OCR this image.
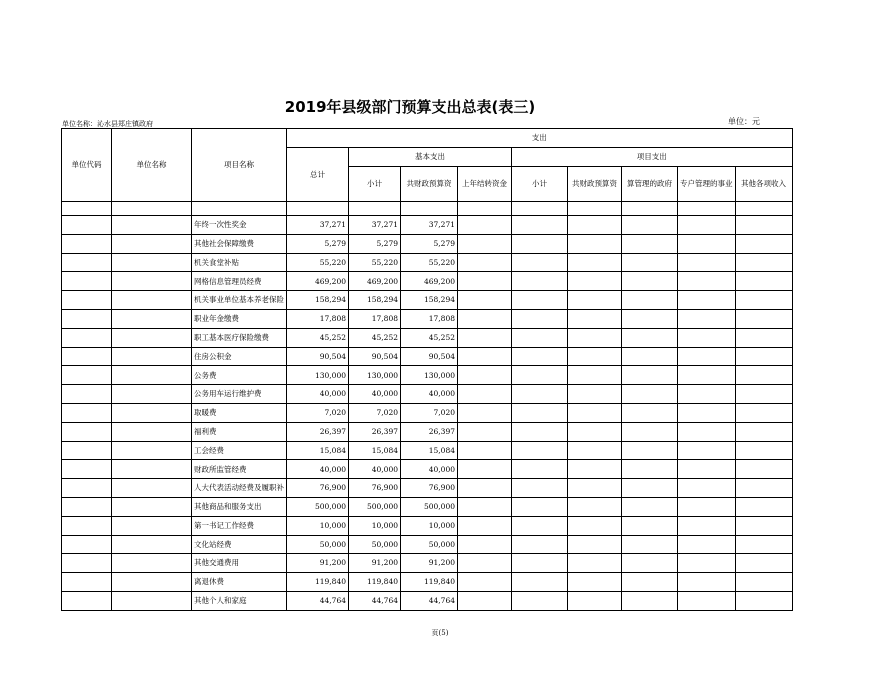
2019年县级部门预算支出总表(表三)
单位名称：沁水县郑庄镇政府	单位：元
单位代码	单位名称	项目名称	支出								
			总计	基本支出			项目支出				
				小计	共财政预算资	上年结转资金	小计	共财政预算资	算管理的政府	专户管理的事业	其他各项收入

		年终一次性奖金	37,271	37,271	37,271						
		其他社会保障缴费	5,279	5,279	5,279						
		机关食堂补贴	55,220	55,220	55,220						
		网格信息管理员经费	469,200	469,200	469,200						
		机关事业单位基本养老保险	158,294	158,294	158,294						
		职业年金缴费	17,808	17,808	17,808						
		职工基本医疗保险缴费	45,252	45,252	45,252						
		住房公积金	90,504	90,504	90,504						
		公务费	130,000	130,000	130,000						
		公务用车运行维护费	40,000	40,000	40,000						
		取暖费	7,020	7,020	7,020						
		福利费	26,397	26,397	26,397						
		工会经费	15,084	15,084	15,084						
		财政所监管经费	40,000	40,000	40,000						
		人大代表活动经费及履职补	76,900	76,900	76,900						
		其他商品和服务支出	500,000	500,000	500,000						
		第一书记工作经费	10,000	10,000	10,000						
		文化站经费	50,000	50,000	50,000						
		其他交通费用	91,200	91,200	91,200						
		离退休费	119,840	119,840	119,840						
		其他个人和家庭	44,764	44,764	44,764						
页(5)
